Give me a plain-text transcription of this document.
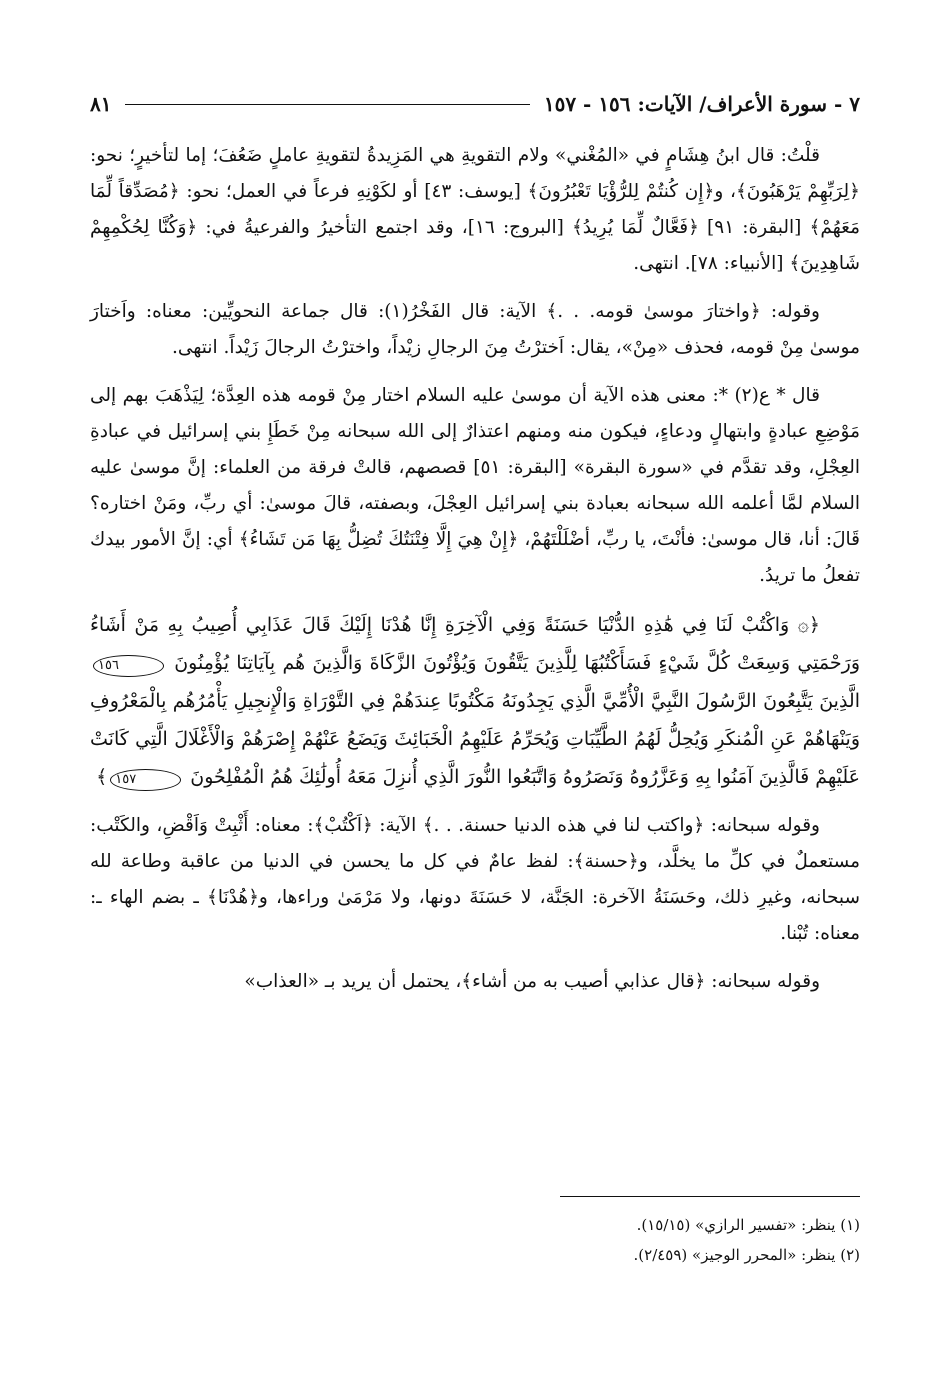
٧ - سورة الأعراف/ الآيات: ١٥٦ - ١٥٧
٨١

قلْتُ: قال ابنُ هِشَامٍ في «المُغْني» ولام التقويةِ هي المَزِيدةُ لتقويةِ عاملٍ ضَعُفَ؛ إما لتأخيرٍ؛ نحو: ﴿لِرَبِّهِمْ يَرْهَبُونَ﴾، و﴿إِن كُنتُمْ لِلرُّؤْيَا تَعْبُرُونَ﴾ [يوسف: ٤٣] أو لكَوْنِهِ فرعاً في العمل؛ نحو: ﴿مُصَدِّقاً لِّمَا مَعَهُمْ﴾ [البقرة: ٩١] ﴿فَعَّالٌ لِّمَا يُرِيدُ﴾ [البروج: ١٦]، وقد اجتمع التأخيرُ والفرعيةُ في: ﴿وَكُنَّا لِحُكْمِهِمْ شَاهِدِينَ﴾ [الأنبياء: ٧٨]. انتهى.

وقوله: ﴿واختارَ موسىٰ قومه. . .﴾ الآية: قال الفَخْرُ(١): قال جماعة النحويِّين: معناه: واَختارَ موسىٰ مِنْ قومه، فحذف «مِنْ»، يقال: اَخترْتُ مِنَ الرجالِ زيْداً، واخترْتُ الرجالَ زَيْداً. انتهى.

قال * ع(٢) *: معنى هذه الآية أن موسىٰ عليه السلام اختار مِنْ قومه هذه العِدَّة؛ لِيَذْهَبَ بهم إلى مَوْضِعِ عبادةٍ وابتهالٍ ودعاءٍ، فيكون منه ومنهم اعتذارٌ إلى الله سبحانه مِنْ خَطَإِ بني إسرائيل في عبادةِ العِجْلِ، وقد تقدَّم في «سورة البقرة» [البقرة: ٥١] قصصهم، قالتْ فرقة من العلماء: إنَّ موسىٰ عليه السلام لمَّا أعلمه الله سبحانه بعبادة بني إسرائيل العِجْلَ، وبصفته، قالَ موسىٰ: أي ربِّ، ومَنْ اختاره؟ قَالَ: أنا، قال موسىٰ: فأنْتَ، يا ربِّ، أضْلَلْتَهُمْ، ﴿إِنْ هِيَ إِلَّا فِتْنَتُكَ تُضِلُّ بِهَا مَن تَشَاءُ﴾ أي: إنَّ الأمور بيدك تفعلُ ما تريدُ.

﴿۞ وَاكْتُبْ لَنَا فِي هَٰذِهِ الدُّنْيَا حَسَنَةً وَفِي الْآخِرَةِ إِنَّا هُدْنَا إِلَيْكَ قَالَ عَذَابِي أُصِيبُ بِهِ مَنْ أَشَاءُ وَرَحْمَتِي وَسِعَتْ كُلَّ شَيْءٍ فَسَأَكْتُبُهَا لِلَّذِينَ يَتَّقُونَ وَيُؤْتُونَ الزَّكَاةَ وَالَّذِينَ هُم بِآيَاتِنَا يُؤْمِنُونَ ١٥٦ الَّذِينَ يَتَّبِعُونَ الرَّسُولَ النَّبِيَّ الْأُمِّيَّ الَّذِي يَجِدُونَهُ مَكْتُوبًا عِندَهُمْ فِي التَّوْرَاةِ وَالْإِنجِيلِ يَأْمُرُهُم بِالْمَعْرُوفِ وَيَنْهَاهُمْ عَنِ الْمُنكَرِ وَيُحِلُّ لَهُمُ الطَّيِّبَاتِ وَيُحَرِّمُ عَلَيْهِمُ الْخَبَائِثَ وَيَضَعُ عَنْهُمْ إِصْرَهُمْ وَالْأَغْلَالَ الَّتِي كَانَتْ عَلَيْهِمْ فَالَّذِينَ آمَنُوا بِهِ وَعَزَّرُوهُ وَنَصَرُوهُ وَاتَّبَعُوا النُّورَ الَّذِي أُنزِلَ مَعَهُ أُولَٰئِكَ هُمُ الْمُفْلِحُونَ ١٥٧﴾

وقوله سبحانه: ﴿واكتب لنا في هذه الدنيا حسنة. . .﴾ الآية: ﴿اَكْتُبْ﴾: معناه: أَثْبِتْ وَاَقْضِ، والكَتْب: مستعملٌ في كلِّ ما يخلَّد، و﴿حسنة﴾: لفظ عامٌ في كل ما يحسن في الدنيا من عاقبة وطاعة لله سبحانه، وغيرِ ذلك، وحَسَنَةُ الآخرة: الجَنَّة، لا حَسَنَةَ دونها، ولا مَرْمَىٰ وراءها، و﴿هُدْنَا﴾ ـ بضم الهاء ـ: معناه: تُبْنا.

وقوله سبحانه: ﴿قال عذابي أصيب به من أشاء﴾، يحتمل أن يريد بـ «العذاب»

(١) ينظر: «تفسير الرازي» (١٥/١٥).

(٢) ينظر: «المحرر الوجيز» (٢/٤٥٩).
